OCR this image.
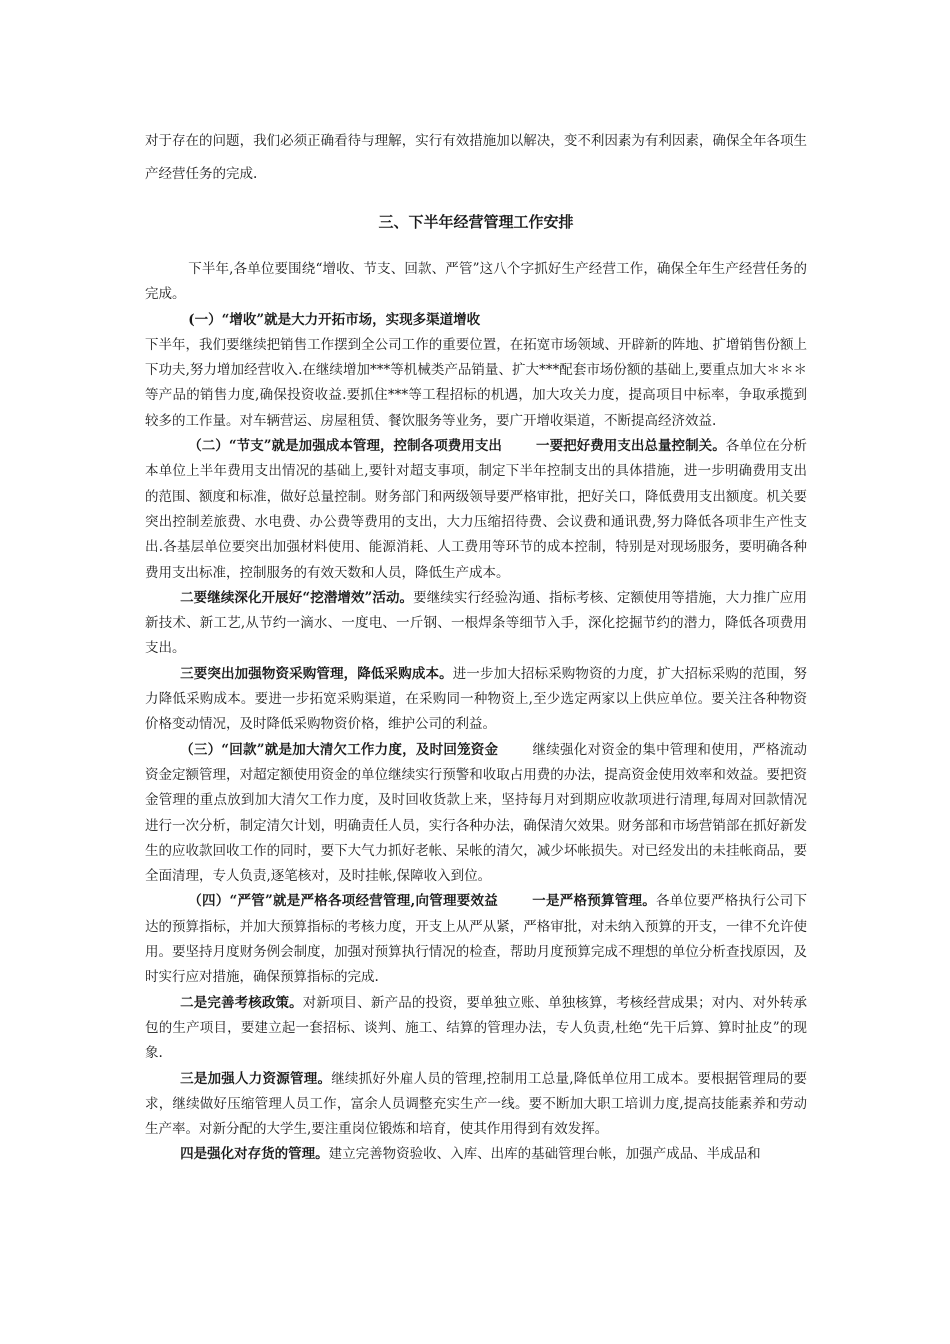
对于存在的问题，我们必须正确看待与理解，实行有效措施加以解决，变不利因素为有利因素，确保全年各项生产经营任务的完成.

三、下半年经营管理工作安排

下半年,各单位要围绕“增收、节支、回款、严管”这八个字抓好生产经营工作，确保全年生产经营任务的完成。

(一）“增收”就是大力开拓市场，实现多渠道增收

下半年，我们要继续把销售工作摆到全公司工作的重要位置，在拓宽市场领域、开辟新的阵地、扩增销售份额上下功夫,努力增加经营收入.在继续增加***等机械类产品销量、扩大***配套市场份额的基础上,要重点加大＊＊＊等产品的销售力度,确保投资收益.要抓住***等工程招标的机遇，加大攻关力度，提高项目中标率，争取承揽到较多的工作量。对车辆营运、房屋租赁、餐饮服务等业务，要广开增收渠道，不断提高经济效益.

（二）“节支”就是加强成本管理，控制各项费用支出	一要把好费用支出总量控制关。各单位在分析本单位上半年费用支出情况的基础上,要针对超支事项，制定下半年控制支出的具体措施，进一步明确费用支出的范围、额度和标准，做好总量控制。财务部门和两级领导要严格审批，把好关口，降低费用支出额度。机关要突出控制差旅费、水电费、办公费等费用的支出，大力压缩招待费、会议费和通讯费,努力降低各项非生产性支出.各基层单位要突出加强材料使用、能源消耗、人工费用等环节的成本控制，特别是对现场服务，要明确各种费用支出标准，控制服务的有效天数和人员，降低生产成本。

二要继续深化开展好“挖潜增效”活动。要继续实行经验沟通、指标考核、定额使用等措施，大力推广应用新技术、新工艺,从节约一滴水、一度电、一斤钢、一根焊条等细节入手，深化挖掘节约的潜力，降低各项费用支出。

三要突出加强物资采购管理，降低采购成本。进一步加大招标采购物资的力度，扩大招标采购的范围，努力降低采购成本。要进一步拓宽采购渠道，在采购同一种物资上,至少选定两家以上供应单位。要关注各种物资价格变动情况，及时降低采购物资价格，维护公司的利益。

（三）“回款”就是加大清欠工作力度，及时回笼资金	继续强化对资金的集中管理和使用，严格流动资金定额管理，对超定额使用资金的单位继续实行预警和收取占用费的办法，提高资金使用效率和效益。要把资金管理的重点放到加大清欠工作力度，及时回收货款上来，坚持每月对到期应收款项进行清理,每周对回款情况进行一次分析，制定清欠计划，明确责任人员，实行各种办法，确保清欠效果。财务部和市场营销部在抓好新发生的应收款回收工作的同时，要下大气力抓好老帐、呆帐的清欠，减少坏帐损失。对已经发出的未挂帐商品，要全面清理，专人负责,逐笔核对，及时挂帐,保障收入到位。

（四）“严管”就是严格各项经营管理,向管理要效益	一是严格预算管理。各单位要严格执行公司下达的预算指标，并加大预算指标的考核力度，开支上从严从紧，严格审批，对未纳入预算的开支，一律不允许使用。要坚持月度财务例会制度，加强对预算执行情况的检查，帮助月度预算完成不理想的单位分析查找原因，及时实行应对措施，确保预算指标的完成.

二是完善考核政策。对新项目、新产品的投资，要单独立账、单独核算，考核经营成果；对内、对外转承包的生产项目，要建立起一套招标、谈判、施工、结算的管理办法，专人负责,杜绝“先干后算、算时扯皮”的现象.

三是加强人力资源管理。继续抓好外雇人员的管理,控制用工总量,降低单位用工成本。要根据管理局的要求，继续做好压缩管理人员工作，富余人员调整充实生产一线。要不断加大职工培训力度,提高技能素养和劳动生产率。对新分配的大学生,要注重岗位锻炼和培育，使其作用得到有效发挥。

四是强化对存货的管理。建立完善物资验收、入库、出库的基础管理台帐，加强产成品、半成品和
